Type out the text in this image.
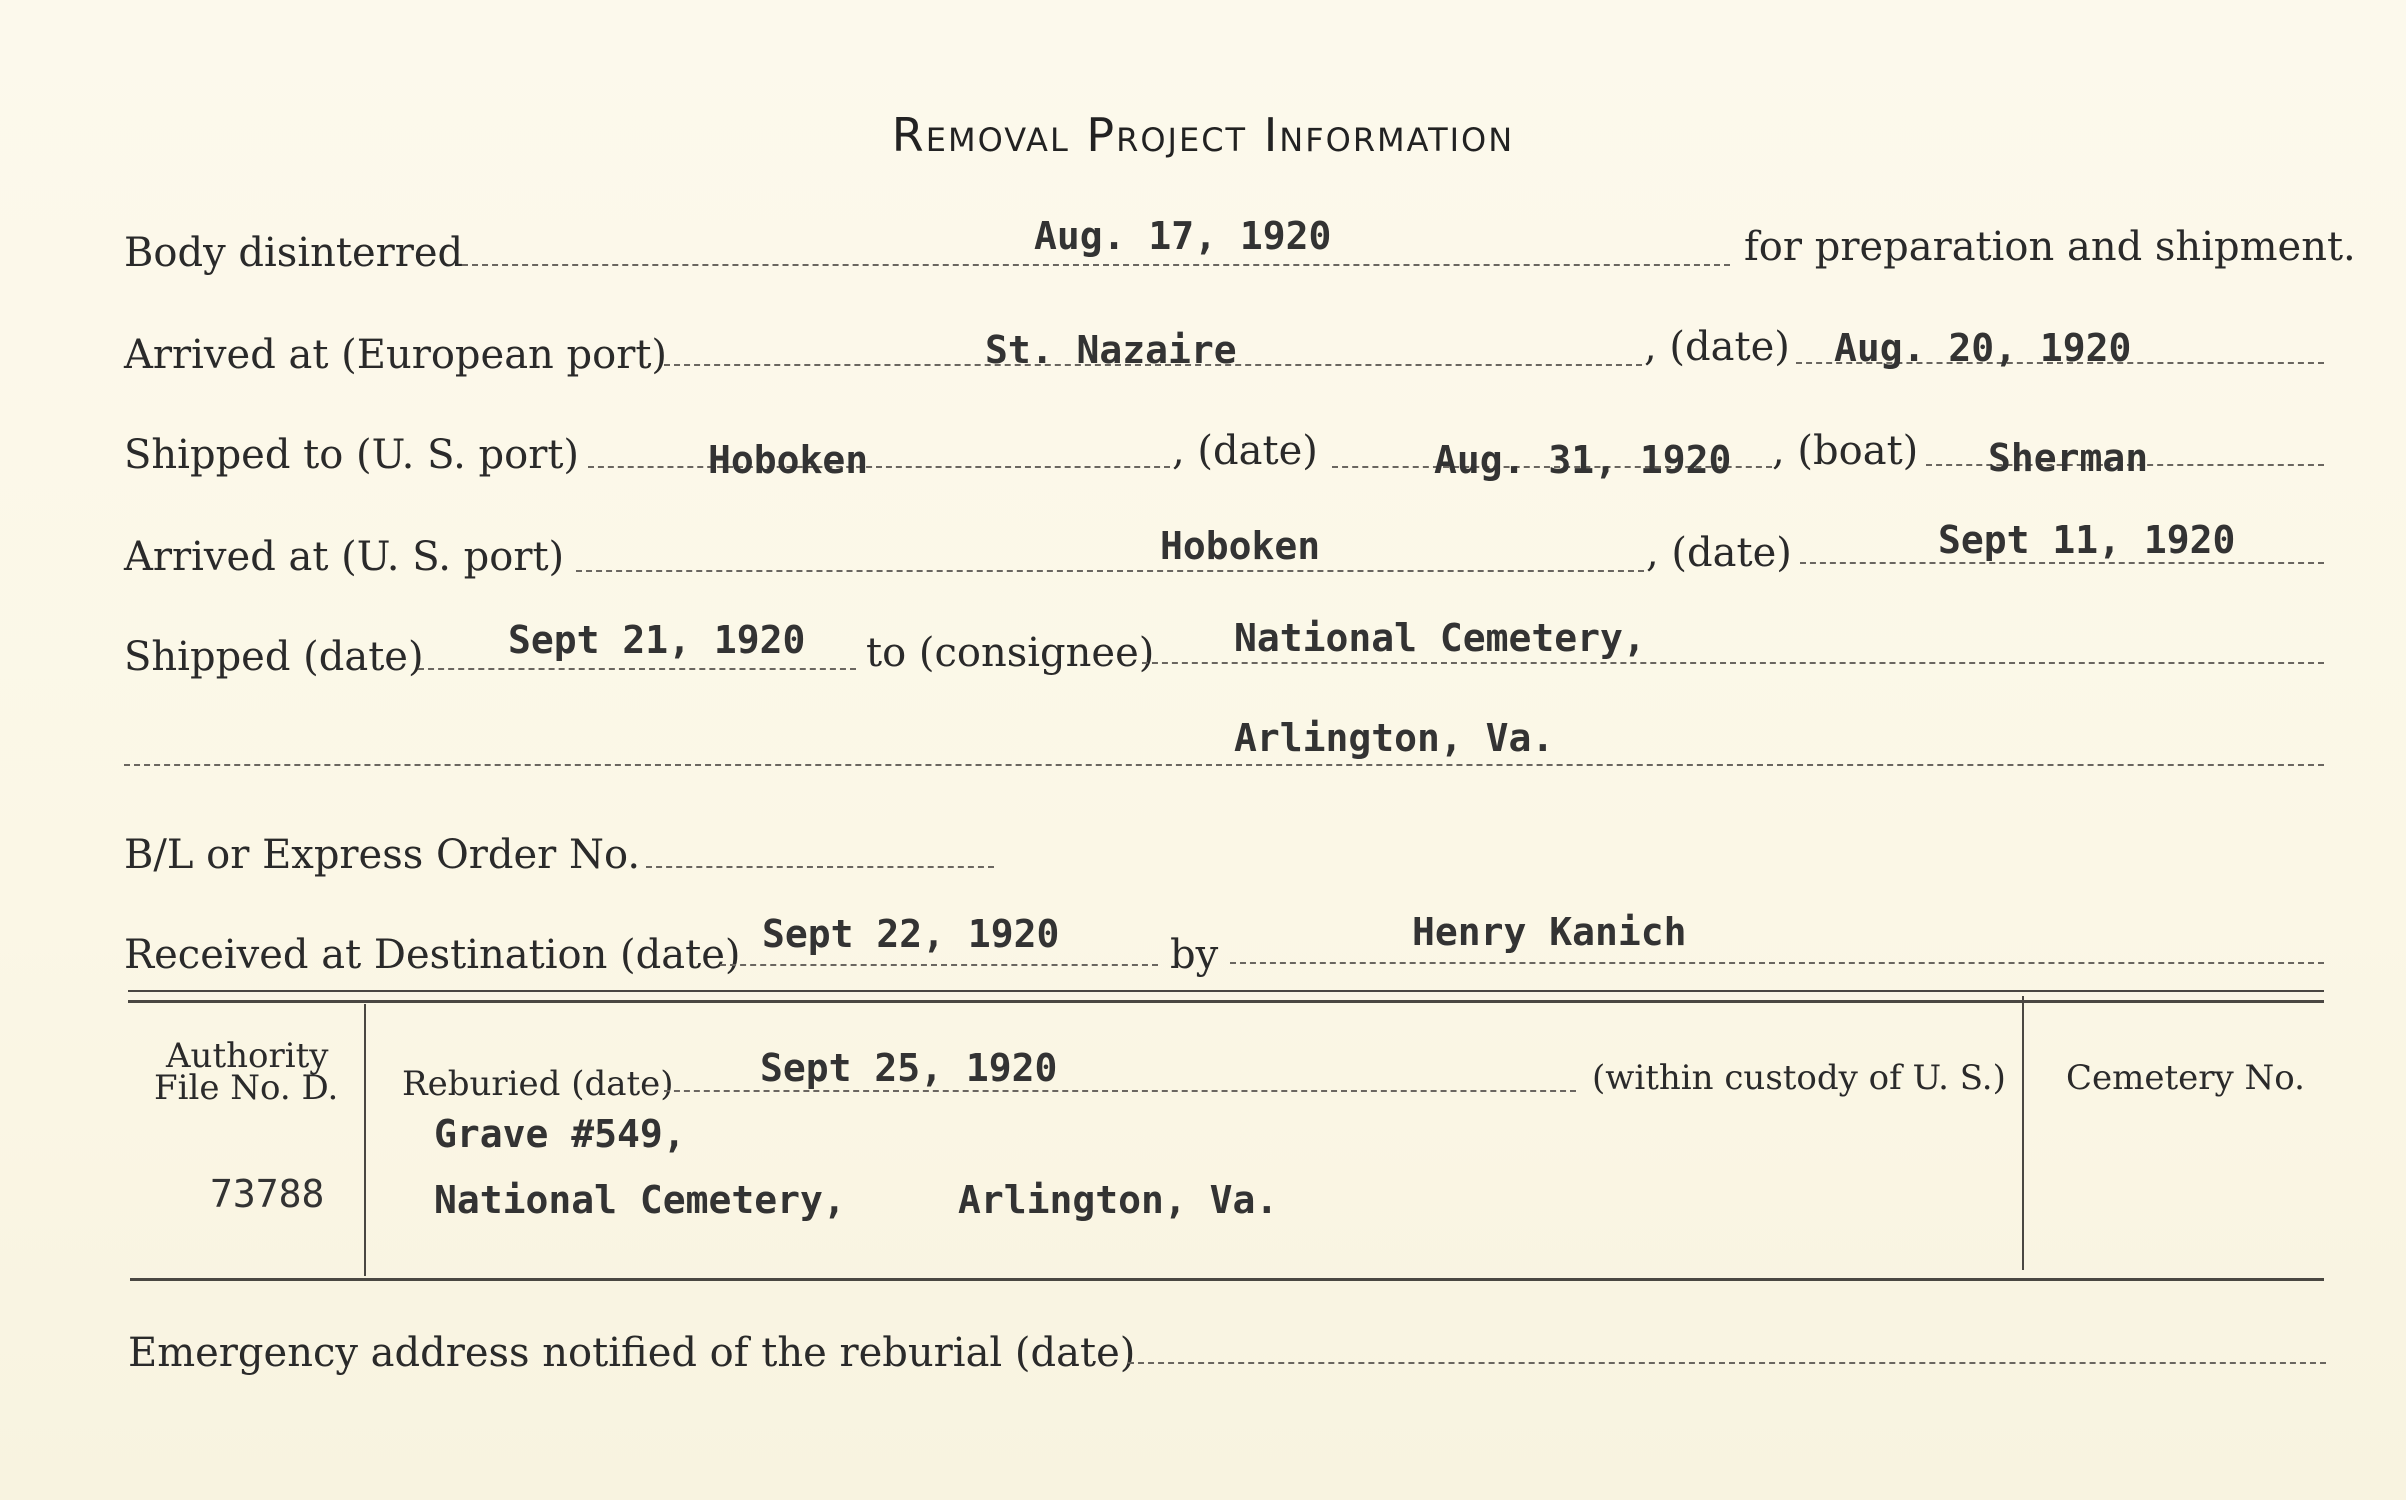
Removal Project Information
Body disinterred	Aug. 17, 1920	for preparation and shipment.
Arrived at (European port)	St. Nazaire	, (date) Aug. 20, 1920
Shipped to (U. S. port)	Hoboken	, (date)	Aug. 31, 1920 , (boat) Sherman
Arrived at (U. S. port)	Hoboken	, (date)	Sept 11, 1920
Shipped (date) Sept 21, 1920 to (consignee) National Cemetery,
Arlington, Va.
B/L or Express Order No.
Received at Destination (date) Sept 22, 1920	by	Henry Kanich
Authority
File No. D.
73788
Reburied (date) Sept 25, 1920	(within custody of U. S.)
Grave #549,
National Cemetery,	Arlington, Va.
Cemetery No.
Emergency address notified of the reburial (date)
